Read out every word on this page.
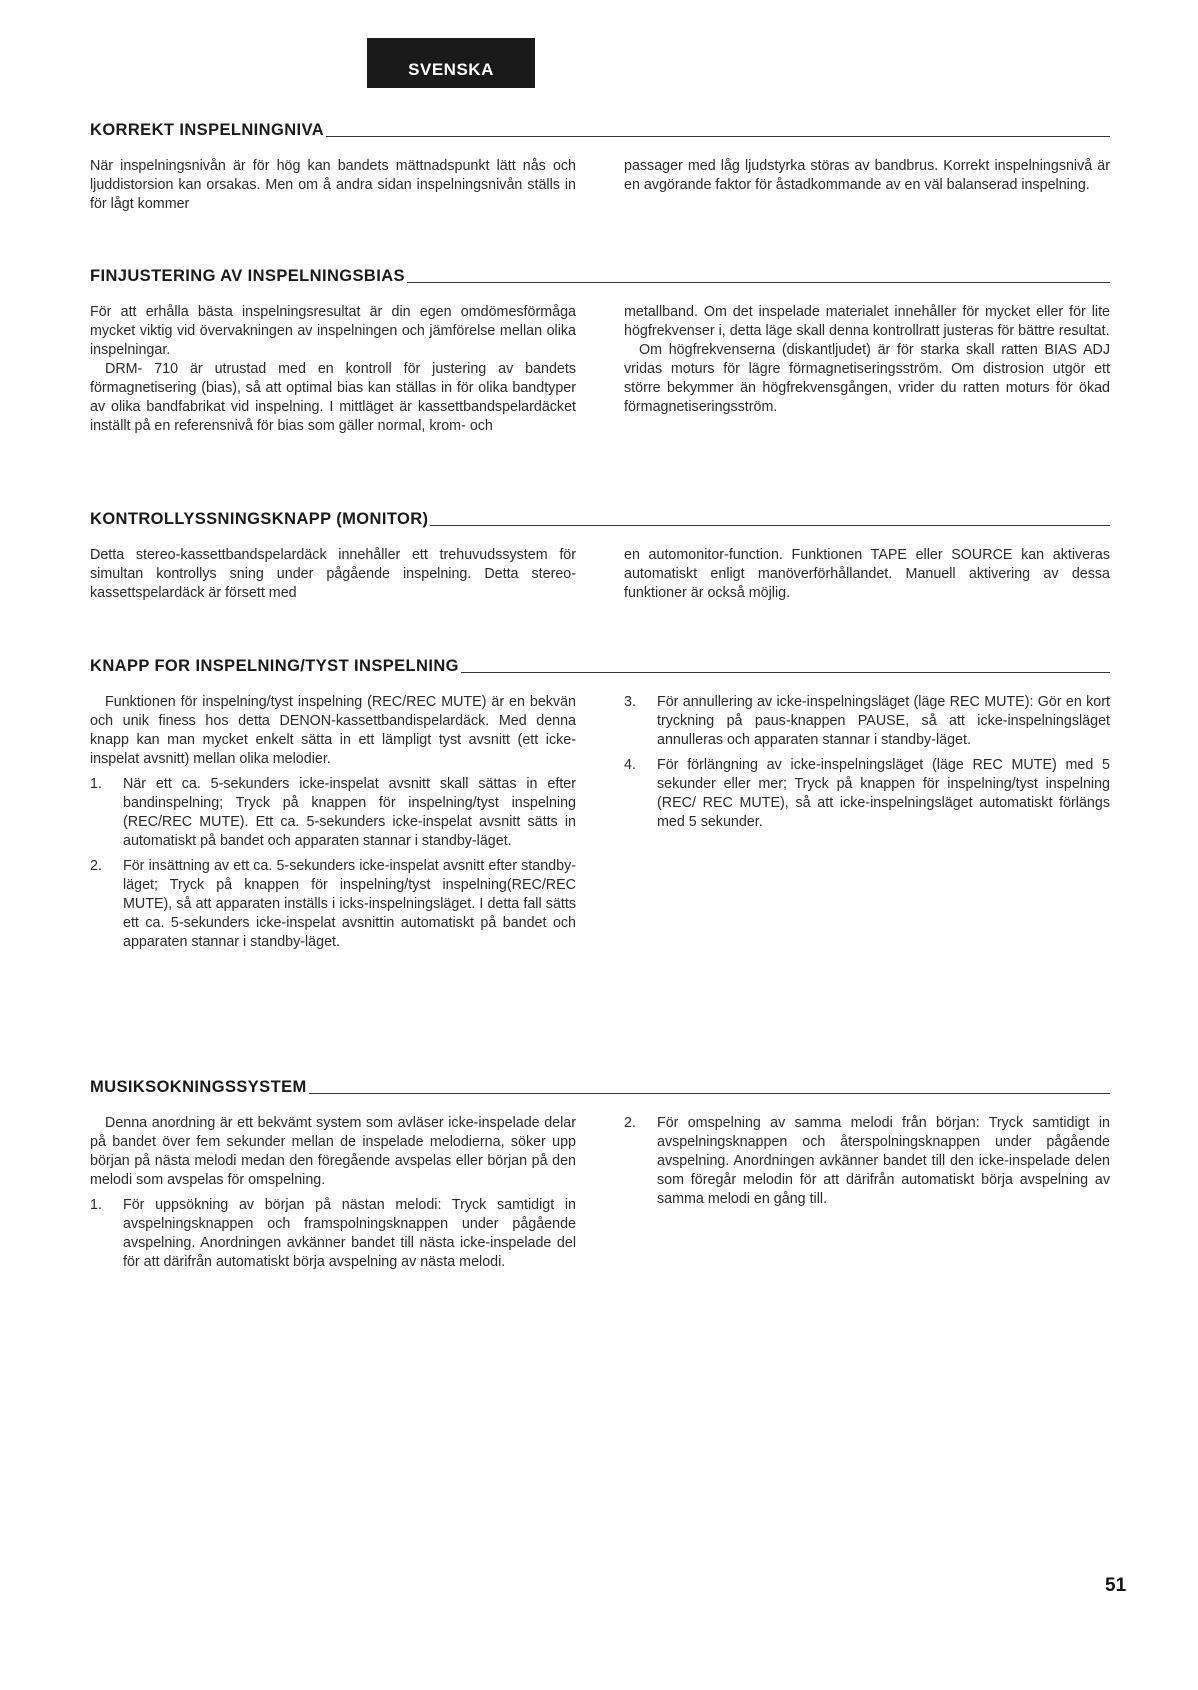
SVENSKA
KORREKT INSPELNINGNIVA

När inspelningsnivån är för hög kan bandets mättnadspunkt lätt nås och ljuddistorsion kan orsakas. Men om å andra sidan inspelningsnivån ställs in för lågt kommer

passager med låg ljudstyrka störas av bandbrus. Korrekt inspelningsnivå är en avgörande faktor för åstadkommande av en väl balanserad inspelning.

FINJUSTERING AV INSPELNINGSBIAS

För att erhålla bästa inspelningsresultat är din egen omdömesförmåga mycket viktig vid övervakningen av inspelningen och jämförelse mellan olika inspelningar.

DRM- 710 är utrustad med en kontroll för justering av bandets förmagnetisering (bias), så att optimal bias kan ställas in för olika bandtyper av olika bandfabrikat vid inspelning. I mittläget är kassettbandspelardäcket inställt på en referensnivå för bias som gäller normal, krom- och

metallband. Om det inspelade materialet innehåller för mycket eller för lite högfrekvenser i, detta läge skall denna kontrollratt justeras för bättre resultat.

Om högfrekvenserna (diskantljudet) är för starka skall ratten BIAS ADJ vridas moturs för lägre förmagnetiseringsström. Om distrosion utgör ett större bekymmer än högfrekvensgången, vrider du ratten moturs för ökad förmagnetiseringsström.

KONTROLLYSSNINGSKNAPP (MONITOR)

Detta stereo-kassettbandspelardäck innehåller ett trehuvudssystem för simultan kontrollys sning under pågående inspelning. Detta stereo-kassettspelardäck är försett med

en automonitor-function. Funktionen TAPE eller SOURCE kan aktiveras automatiskt enligt manöverförhållandet. Manuell aktivering av dessa funktioner är också möjlig.

KNAPP FOR INSPELNING/TYST INSPELNING

Funktionen för inspelning/tyst inspelning (REC/REC MUTE) är en bekvän och unik finess hos detta DENON-kassettbandispelardäck. Med denna knapp kan man mycket enkelt sätta in ett lämpligt tyst avsnitt (ett icke-inspelat avsnitt) mellan olika melodier.

1.	När ett ca. 5-sekunders icke-inspelat avsnitt skall sättas in efter bandinspelning; Tryck på knappen för inspelning/tyst inspelning (REC/REC MUTE). Ett ca. 5-sekunders icke-inspelat avsnitt sätts in automatiskt på bandet och apparaten stannar i standby-läget.
2.	För insättning av ett ca. 5-sekunders icke-inspelat avsnitt efter standby-läget; Tryck på knappen för inspelning/tyst inspelning(REC/REC MUTE), så att apparaten inställs i icks-inspelningsläget. I detta fall sätts ett ca. 5-sekunders icke-inspelat avsnittin automatiskt på bandet och apparaten stannar i standby-läget.
3.	För annullering av icke-inspelningsläget (läge REC MUTE): Gör en kort tryckning på paus-knappen PAUSE, så att icke-inspelningsläget annulleras och apparaten stannar i standby-läget.
4.	För förlängning av icke-inspelningsläget (läge REC MUTE) med 5 sekunder eller mer; Tryck på knappen för inspelning/tyst inspelning (REC/ REC MUTE), så att icke-inspelningsläget automatiskt förlängs med 5 sekunder.
MUSIKSOKNINGSSYSTEM

Denna anordning är ett bekvämt system som avläser icke-inspelade delar på bandet över fem sekunder mellan de inspelade melodierna, söker upp början på nästa melodi medan den föregående avspelas eller början på den melodi som avspelas för omspelning.

1.	För uppsökning av början på nästan melodi: Tryck samtidigt in avspelningsknappen och framspolningsknappen under pågående avspelning. Anordningen avkänner bandet till nästa icke-inspelade del för att därifrån automatiskt börja avspelning av nästa melodi.
2.	För omspelning av samma melodi från början: Tryck samtidigt in avspelningsknappen och återspolningsknappen under pågående avspelning. Anordningen avkänner bandet till den icke-inspelade delen som föregår melodin för att därifrån automatiskt börja avspelning av samma melodi en gång till.
51
